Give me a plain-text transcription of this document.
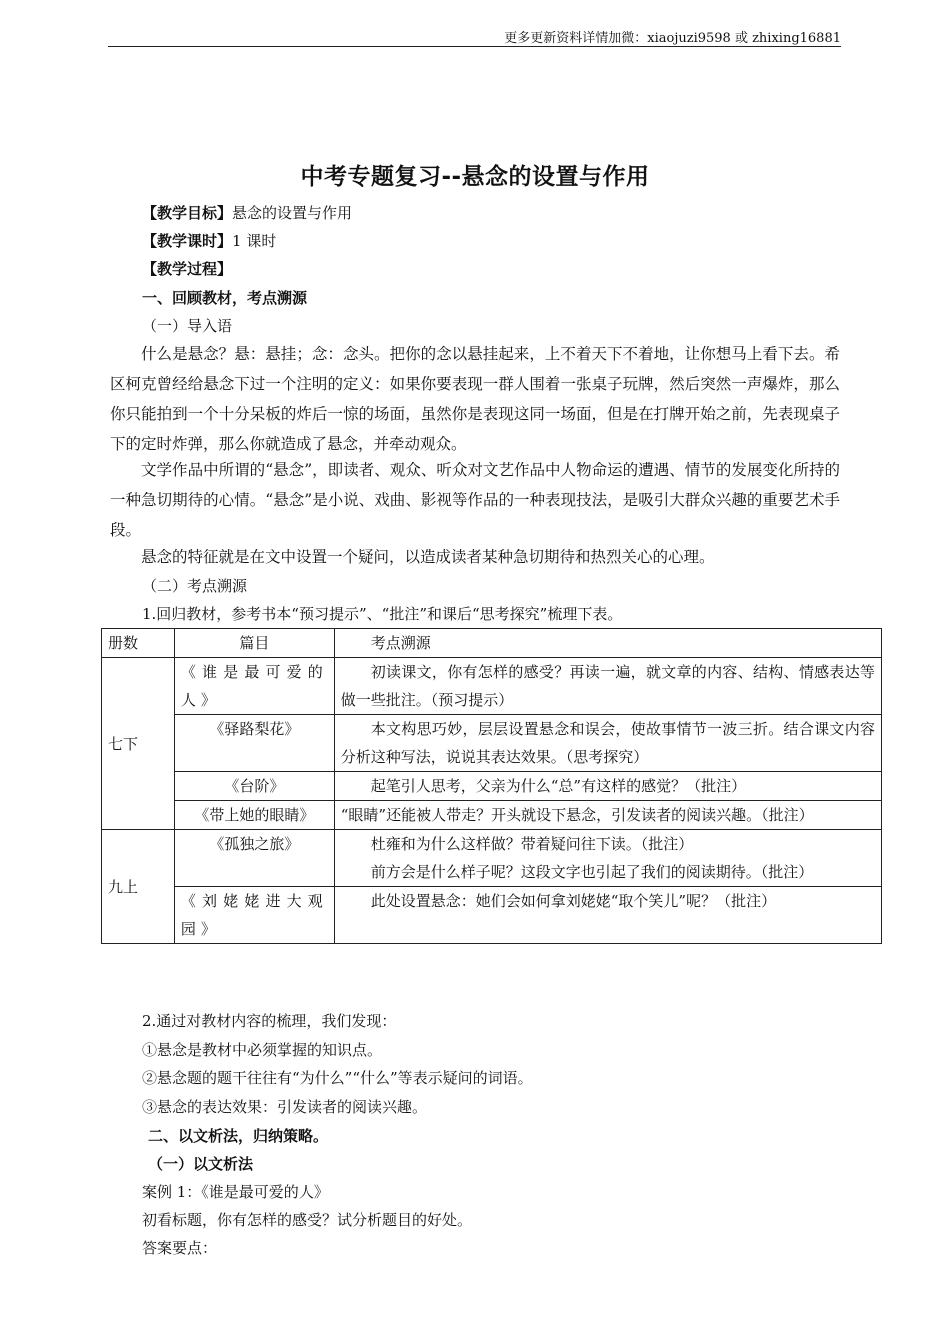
更多更新资料详情加微：xiaojuzi9598 或 zhixing16881
中考专题复习--悬念的设置与作用
【教学目标】悬念的设置与作用
【教学课时】1 课时
【教学过程】
一、回顾教材，考点溯源
（一）导入语
什么是悬念？悬：悬挂；念：念头。把你的念以悬挂起来，上不着天下不着地，让你想马上看下去。希区柯克曾经给悬念下过一个注明的定义：如果你要表现一群人围着一张桌子玩牌，然后突然一声爆炸，那么你只能拍到一个十分呆板的炸后一惊的场面，虽然你是表现这同一场面，但是在打牌开始之前，先表现桌子下的定时炸弹，那么你就造成了悬念，并牵动观众。
文学作品中所谓的“悬念”，即读者、观众、听众对文艺作品中人物命运的遭遇、情节的发展变化所持的一种急切期待的心情。“悬念”是小说、戏曲、影视等作品的一种表现技法，是吸引大群众兴趣的重要艺术手段。
悬念的特征就是在文中设置一个疑问，以造成读者某种急切期待和热烈关心的心理。
（二）考点溯源
1.回归教材，参考书本“预习提示”、“批注”和课后“思考探究”梳理下表。
册数	篇目	考点溯源
七下	《谁是最可爱的人》	初读课文，你有怎样的感受？再读一遍，就文章的内容、结构、情感表达等做一些批注。（预习提示）
	《驿路梨花》	本文构思巧妙，层层设置悬念和误会，使故事情节一波三折。结合课文内容分析这种写法，说说其表达效果。（思考探究）
	《台阶》	起笔引人思考，父亲为什么“总”有这样的感觉？（批注）
	《带上她的眼睛》	“眼睛”还能被人带走？开头就设下悬念，引发读者的阅读兴趣。（批注）
九上	《孤独之旅》	杜雍和为什么这样做？带着疑问往下读。（批注）
前方会是什么样子呢？这段文字也引起了我们的阅读期待。（批注）

	《刘姥姥进大观园》	此处设置悬念：她们会如何拿刘姥姥“取个笑儿”呢？（批注）
2.通过对教材内容的梳理，我们发现：
①悬念是教材中必须掌握的知识点。
②悬念题的题干往往有“为什么”“什么”等表示疑问的词语。
③悬念的表达效果：引发读者的阅读兴趣。
二、以文析法，归纳策略。
（一）以文析法
案例 1：《谁是最可爱的人》
初看标题，你有怎样的感受？试分析题目的好处。
答案要点：
